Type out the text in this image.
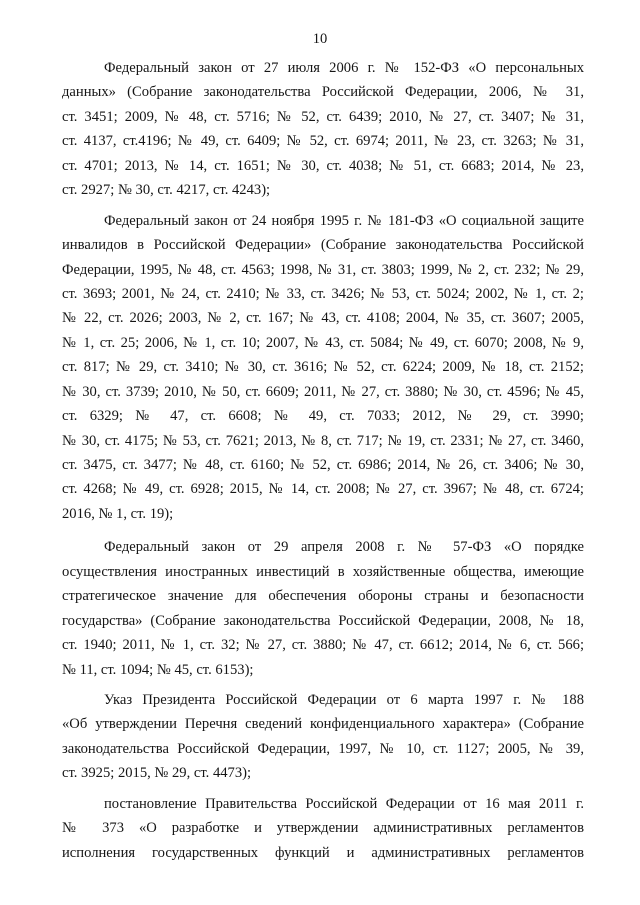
10
Федеральный закон от 27 июля 2006 г. № 152-ФЗ «О персональных
данных» (Собрание законодательства Российской Федерации, 2006, № 31,
ст. 3451; 2009, № 48, ст. 5716; № 52, ст. 6439; 2010, № 27, ст. 3407; № 31,
ст. 4137, ст.4196; № 49, ст. 6409; № 52, ст. 6974; 2011, № 23, ст. 3263; № 31,
ст. 4701; 2013, № 14, ст. 1651; № 30, ст. 4038; № 51, ст. 6683; 2014, № 23,
ст. 2927; № 30, ст. 4217, ст. 4243);
Федеральный закон от 24 ноября 1995 г. № 181-ФЗ «О социальной защите
инвалидов в Российской Федерации» (Собрание законодательства Российской
Федерации, 1995, № 48, ст. 4563; 1998, № 31, ст. 3803; 1999, № 2, ст. 232; № 29,
ст. 3693; 2001, № 24, ст. 2410; № 33, ст. 3426; № 53, ст. 5024; 2002, № 1, ст. 2;
№ 22, ст. 2026; 2003, № 2, ст. 167; № 43, ст. 4108; 2004, № 35, ст. 3607; 2005,
№ 1, ст. 25; 2006, № 1, ст. 10; 2007, № 43, ст. 5084; № 49, ст. 6070; 2008, № 9,
ст. 817; № 29, ст. 3410; № 30, ст. 3616; № 52, ст. 6224; 2009, № 18, ст. 2152;
№ 30, ст. 3739; 2010, № 50, ст. 6609; 2011, № 27, ст. 3880; № 30, ст. 4596; № 45,
ст. 6329; № 47, ст. 6608; № 49, ст. 7033; 2012, № 29, ст. 3990;
№ 30, ст. 4175; № 53, ст. 7621; 2013, № 8, ст. 717; № 19, ст. 2331; № 27, ст. 3460,
ст. 3475, ст. 3477; № 48, ст. 6160; № 52, ст. 6986; 2014, № 26, ст. 3406; № 30,
ст. 4268; № 49, ст. 6928; 2015, № 14, ст. 2008; № 27, ст. 3967; № 48, ст. 6724;
2016, № 1, ст. 19);
Федеральный закон от 29 апреля 2008 г. № 57-ФЗ «О порядке
осуществления иностранных инвестиций в хозяйственные общества, имеющие
стратегическое значение для обеспечения обороны страны и безопасности
государства» (Собрание законодательства Российской Федерации, 2008, № 18,
ст. 1940; 2011, № 1, ст. 32; № 27, ст. 3880; № 47, ст. 6612; 2014, № 6, ст. 566;
№ 11, ст. 1094; № 45, ст. 6153);
Указ Президента Российской Федерации от 6 марта 1997 г. № 188
«Об утверждении Перечня сведений конфиденциального характера» (Собрание
законодательства Российской Федерации, 1997, № 10, ст. 1127; 2005, № 39,
ст. 3925; 2015, № 29, ст. 4473);
постановление Правительства Российской Федерации от 16 мая 2011 г.
№ 373 «О разработке и утверждении административных регламентов
исполнения государственных функций и административных регламентов
